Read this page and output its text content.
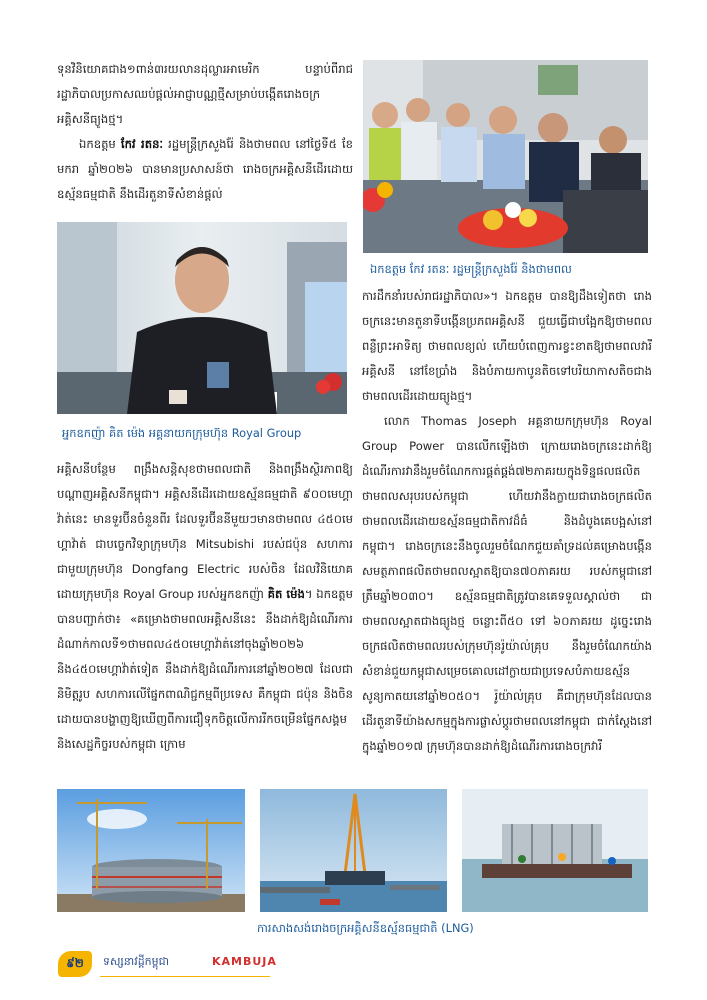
ទុនវិនិយោគជាង១ពាន់៣រយលានដុល្លារអាមេរិក បន្ទាប់ពីរាជរដ្ឋាភិបាលប្រកាសឈប់ផ្តល់អាជ្ញាបណ្ណថ្មីសម្រាប់បង្កើតរោងចក្រអគ្គិសនីធ្យូងថ្ម។

ឯកឧត្តម កែវ រតនៈ រដ្ឋមន្ត្រីក្រសួងរ៉ែ និងថាមពល នៅថ្ងៃទី៥ ខែមករា ឆ្នាំ២០២៦ បានមានប្រសាសន៍ថា រោងចក្រអគ្គិសនីដើរដោយឧស្ម័នធម្មជាតិ នឹងដើរតួនាទីសំខាន់ផ្តល់

អ្នកឧកញ៉ា គិត ម៉េង អគ្គនាយកក្រុមហ៊ុន Royal Group

អគ្គិសនីបន្ថែម ពង្រឹងសន្តិសុខថាមពលជាតិ និងពង្រឹងស្ថិរភាពឱ្យបណ្តាញអគ្គិសនីកម្ពុជា។ អគ្គិសនីដើរដោយឧស្ម័នធម្មជាតិ ៩០០មេហ្គាវ៉ាត់នេះ មានទួរប៊ីនចំនួនពីរ ដែលទួរប៊ីននីមួយៗមានថាមពល ៤៥០មេហ្គាវ៉ាត់ ជាបច្ចេកវិទ្យាក្រុមហ៊ុន Mitsubishi របស់ជប៉ុន សហការជាមួយក្រុមហ៊ុន Dongfang Electric របស់ចិន ដែលវិនិយោគដោយក្រុមហ៊ុន Royal Group របស់អ្នកឧកញ៉ា គិត ម៉េង។ ឯកឧត្តម បានបញ្ជាក់ថា៖ «គម្រោងថាមពលអគ្គិសនីនេះ នឹងដាក់ឱ្យដំណើរការដំណាក់កាលទី១ថាមពល៤៥០មេហ្គាវ៉ាត់នៅចុងឆ្នាំ២០២៦ និង៤៥០មេហ្គាវ៉ាត់ទៀត នឹងដាក់ឱ្យដំណើរការនៅឆ្នាំ២០២៧ ដែលជានិមិត្តរូប សហការលើផ្នែកពាណិជ្ជកម្មពីប្រទេស គឺកម្ពុជា ជប៉ុន និងចិន ដោយបានបង្ហាញឱ្យឃើញពីការជឿទុកចិត្តលើការរីកចម្រើនផ្នែកសង្គម និងសេដ្ឋកិច្ចរបស់កម្ពុជា ក្រោម

ឯកឧត្តម កែវ រតនៈ រដ្ឋមន្ត្រីក្រសួងរ៉ែ និងថាមពល

ការដឹកនាំរបស់រាជរដ្ឋាភិបាល»។ ឯកឧត្តម បានឱ្យដឹងទៀតថា រោងចក្រនេះមានតួនាទីបង្កើនប្រភពអគ្គិសនី ជួយធ្វើជាបង្អែកឱ្យថាមពលពន្លឺព្រះអាទិត្យ ថាមពលខ្យល់ ហើយបំពេញការខ្វះខាតឱ្យថាមពលវារីអគ្គិសនី នៅខែប្រាំង និងបំភាយកាបូនតិចទៅបរិយាកាសតិចជាងថាមពលដើរដោយធ្យូងថ្ម។

លោក Thomas Joseph អគ្គនាយកក្រុមហ៊ុន Royal Group Power បានលើកឡើងថា ក្រោយរោងចក្រនេះដាក់ឱ្យដំណើរការវានឹងរួមចំណែកការផ្គត់ផ្គង់៧២ភាគរយក្នុងទិន្នផលផលិតថាមពលសរុបរបស់កម្ពុជា ហើយវានឹងក្លាយជារោងចក្រផលិតថាមពលដើរដោយឧស្ម័នធម្មជាតិកាវដ៏ធំ និងដំបូងគេបង្អស់នៅកម្ពុជា។ រោងចក្រនេះនឹងចូលរួមចំណែកជួយគាំទ្រដល់គម្រោងបង្កើនសមត្ថភាពផលិតថាមពលស្អាតឱ្យបាន៧០ភាគរយ របស់កម្ពុជានៅត្រឹមឆ្នាំ២០៣០។ ឧស្ម័នធម្មជាតិត្រូវបានគេទទួលស្គាល់ថា ជាថាមពលស្អាតជាងធ្យូងថ្ម ចន្លោះពី៥០ ទៅ ៦០ភាគរយ ដូច្នេះរោងចក្រផលិតថាមពលរបស់ក្រុមហ៊ុនរ៉ូយ៉ាល់គ្រុប នឹងរួមចំណែកយ៉ាងសំខាន់ជួយកម្ពុជាសម្រេចគោលដៅក្លាយជាប្រទេសបំភាយឧស្ម័នសូន្យកាតយនៅឆ្នាំ២០៥០។ រ៉ូយ៉ាល់គ្រុប គឺជាក្រុមហ៊ុនដែលបានដើរតួនាទីយ៉ាងសកម្មក្នុងការផ្លាស់ប្តូរថាមពលនៅកម្ពុជា ជាក់ស្តែងនៅក្នុងឆ្នាំ២០១៧ ក្រុមហ៊ុនបានដាក់ឱ្យដំណើរការរោងចក្រវារី

ការសាងសង់រោងចក្រអគ្គិសនីឧស្ម័នធម្មជាតិ (LNG)
៩២	ទស្សនាវដ្តីកម្ពុជា	KAMBUJA
